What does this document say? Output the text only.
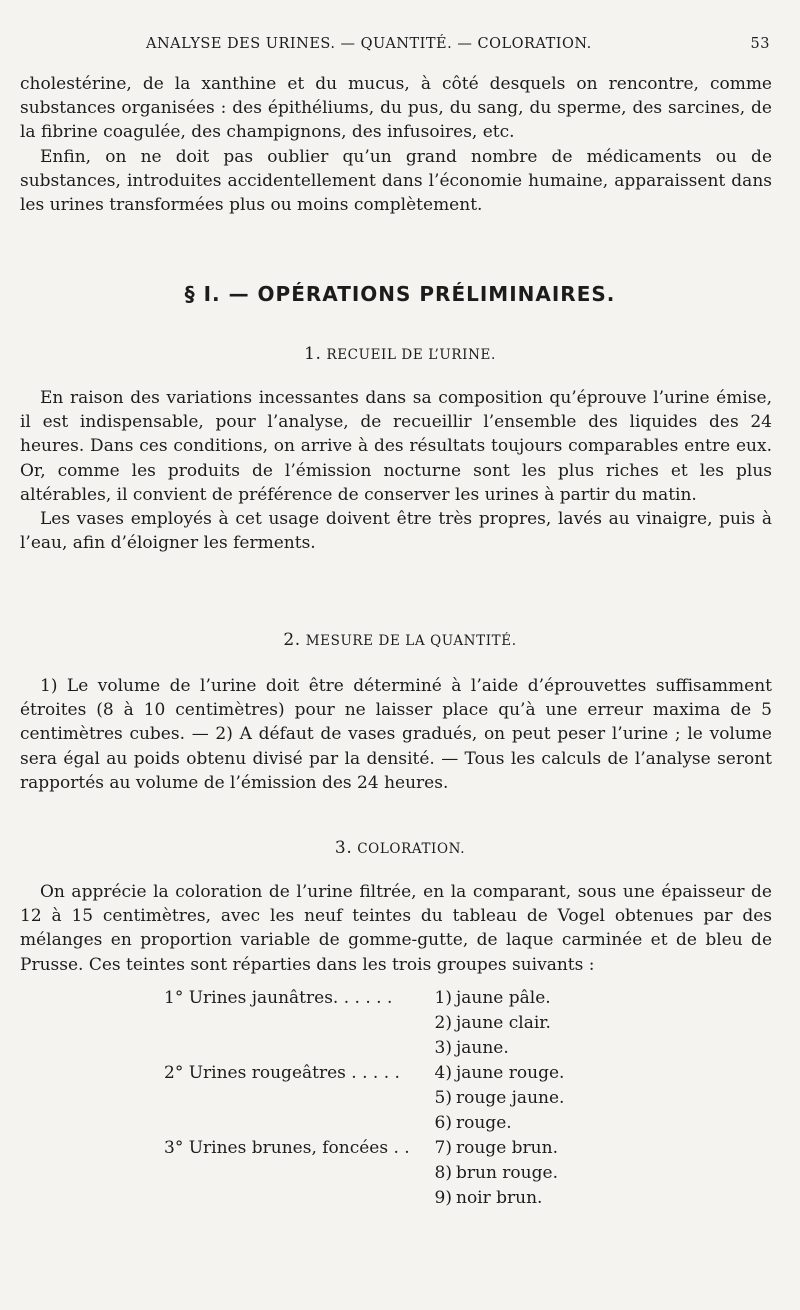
ANALYSE DES URINES. — QUANTITÉ. — COLORATION.	53

cholestérine, de la xanthine et du mucus, à côté desquels on rencontre, comme substances organisées : des épithéliums, du pus, du sang, du sperme, des sarcines, de la fibrine coagulée, des champignons, des infusoires, etc.

Enfin, on ne doit pas oublier qu’un grand nombre de médicaments ou de substances, introduites accidentellement dans l’économie humaine, apparaissent dans les urines transformées plus ou moins complètement.

§ I. — OPÉRATIONS PRÉLIMINAIRES.
1. RECUEIL DE L’URINE.

En raison des variations incessantes dans sa composition qu’éprouve l’urine émise, il est indispensable, pour l’analyse, de recueillir l’ensemble des liquides des 24 heures. Dans ces conditions, on arrive à des résultats toujours comparables entre eux. Or, comme les produits de l’émission nocturne sont les plus riches et les plus altérables, il convient de préférence de conserver les urines à partir du matin.

Les vases employés à cet usage doivent être très propres, lavés au vinaigre, puis à l’eau, afin d’éloigner les ferments.

2. MESURE DE LA QUANTITÉ.

1) Le volume de l’urine doit être déterminé à l’aide d’éprouvettes suffisamment étroites (8 à 10 centimètres) pour ne laisser place qu’à une erreur maxima de 5 centimètres cubes. — 2) A défaut de vases gradués, on peut peser l’urine ; le volume sera égal au poids obtenu divisé par la densité. — Tous les calculs de l’analyse seront rapportés au volume de l’émission des 24 heures.

3. COLORATION.

On apprécie la coloration de l’urine filtrée, en la comparant, sous une épaisseur de 12 à 15 centimètres, avec les neuf teintes du tableau de Vogel obtenues par des mélanges en proportion variable de gomme-gutte, de laque carminée et de bleu de Prusse. Ces teintes sont réparties dans les trois groupes suivants :

1° Urines jaunâtres. . . . . .	1) jaune pâle.
2) jaune clair.
3) jaune.
2° Urines rougeâtres . . . . .	4) jaune rouge.
5) rouge jaune.
6) rouge.
3° Urines brunes, foncées . .	7) rouge brun.
8) brun rouge.
9) noir brun.
